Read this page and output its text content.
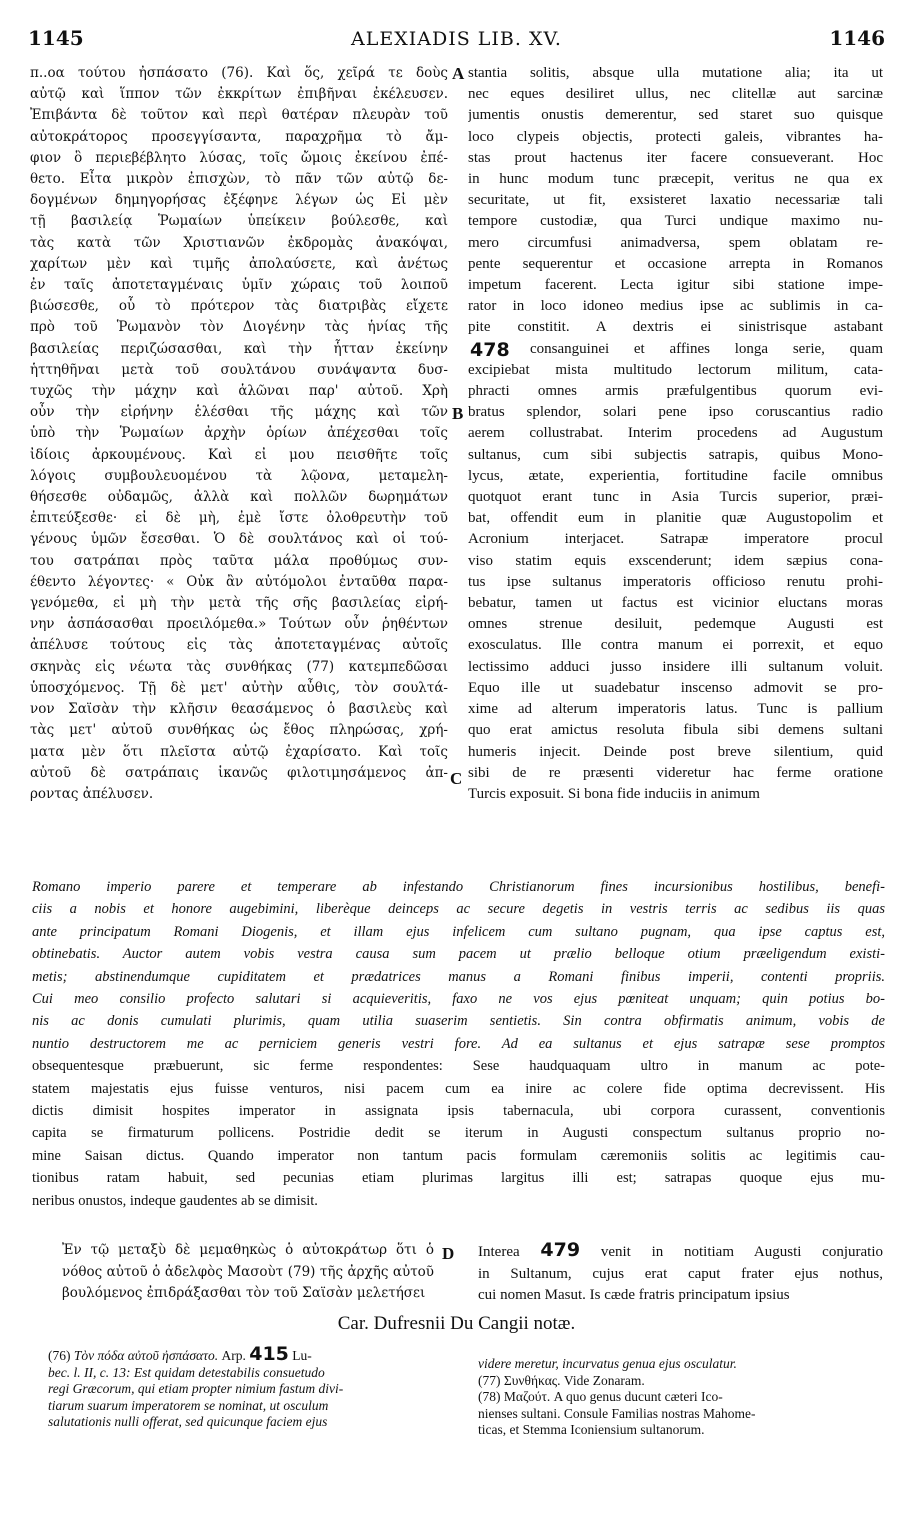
1145	ALEXIADIS LIB. XV.	1146
π..οα τούτου ἠσπάσατο (76). Καὶ ὅς, χεῖρά τε δοὺς
αὐτῷ καὶ ἵππον τῶν ἐκκρίτων ἐπιβῆναι ἐκέλευσεν.
Ἐπιβάντα δὲ τοῦτον καὶ περὶ θατέραν πλευρὰν τοῦ
αὐτοκράτορος προσεγγίσαντα, παραχρῆμα τὸ ἄμ-
φιον ὃ περιεβέβλητο λύσας, τοῖς ὤμοις ἐκείνου ἐπέ-
θετο. Εἶτα μικρὸν ἐπισχὼν, τὸ πᾶν τῶν αὐτῷ δε-
δογμένων δημηγορήσας ἐξέφηνε λέγων ὡς Εἰ μὲν
τῇ βασιλείᾳ Ῥωμαίων ὑπείκειν βούλεσθε, καὶ
τὰς κατὰ τῶν Χριστιανῶν ἐκδρομὰς ἀνακόψαι,
χαρίτων μὲν καὶ τιμῆς ἀπολαύσετε, καὶ ἀνέτως
ἐν ταῖς ἀποτεταγμέναις ὑμῖν χώραις τοῦ λοιποῦ
βιώσεσθε, οὗ τὸ πρότερον τὰς διατριβὰς εἴχετε
πρὸ τοῦ Ῥωμανὸν τὸν Διογένην τὰς ἡνίας τῆς
βασιλείας περιζώσασθαι, καὶ τὴν ἧτταν ἐκείνην
ἡττηθῆναι μετὰ τοῦ σουλτάνου συνάψαντα δυσ-
τυχῶς τὴν μάχην καὶ ἁλῶναι παρ' αὐτοῦ. Χρὴ
οὖν τὴν εἰρήνην ἑλέσθαι τῆς μάχης καὶ τῶν
ὑπὸ τὴν Ῥωμαίων ἀρχὴν ὁρίων ἀπέχεσθαι τοῖς
ἰδίοις ἀρκουμένους. Καὶ εἰ μου πεισθῆτε τοῖς
λόγοις συμβουλευομένου τὰ λῷονα, μεταμελη-
θήσεσθε οὐδαμῶς, ἀλλὰ καὶ πολλῶν δωρημάτων
ἐπιτεύξεσθε· εἰ δὲ μὴ, ἐμὲ ἴστε ὀλοθρευτὴν τοῦ
γένους ὑμῶν ἔσεσθαι. Ὁ δὲ σουλτάνος καὶ οἱ τού-
του σατράπαι πρὸς ταῦτα μάλα προθύμως συν-
έθεντο λέγοντες· « Οὐκ ἂν αὐτόμολοι ἐνταῦθα παρα-
γενόμεθα, εἰ μὴ τὴν μετὰ τῆς σῆς βασιλείας εἰρή-
νην ἀσπάσασθαι προειλόμεθα.» Τούτων οὖν ῥηθέντων
ἀπέλυσε τούτους εἰς τὰς ἀποτεταγμένας αὐτοῖς
σκηνὰς εἰς νέωτα τὰς συνθήκας (77) κατεμπεδῶσαι
ὑποσχόμενος. Τῇ δὲ μετ' αὐτὴν αὖθις, τὸν σουλτά-
νον Σαϊσὰν τὴν κλῆσιν θεασάμενος ὁ βασιλεὺς καὶ
τὰς μετ' αὐτοῦ συνθήκας ὡς ἔθος πληρώσας, χρή-
ματα μὲν ὅτι πλεῖστα αὐτῷ ἐχαρίσατο. Καὶ τοῖς
αὐτοῦ δὲ σατράπαις ἱκανῶς φιλοτιμησάμενος ἀπ-
ροντας ἀπέλυσεν.
stantia solitis, absque ulla mutatione alia; ita ut
nec eques desiliret ullus, nec clitellæ aut sarcinæ
jumentis onustis demerentur, sed staret suo quisque
loco clypeis objectis, protecti galeis, vibrantes ha-
stas prout hactenus iter facere consueverant. Hoc
in hunc modum tunc præcepit, veritus ne qua ex
securitate, ut fit, exsisteret laxatio necessariæ tali
tempore custodiæ, qua Turci undique maximo nu-
mero circumfusi animadversa, spem oblatam re-
pente sequerentur et occasione arrepta in Romanos
impetum facerent. Lecta igitur sibi statione impe-
rator in loco idoneo medius ipse ac sublimis in ca-
pite constitit. A dextris ei sinistrisque astabant
consanguinei et affines longa serie, quam
excipiebat mista multitudo lectorum militum, cata-
phracti omnes armis præfulgentibus quorum evi-
bratus splendor, solari pene ipso coruscantius radio
aerem collustrabat. Interim procedens ad Augustum
sultanus, cum sibi subjectis satrapis, quibus Mono-
lycus, ætate, experientia, fortitudine facile omnibus
quotquot erant tunc in Asia Turcis superior, præi-
bat, offendit eum in planitie quæ Augustopolim et
Acronium interjacet. Satrapæ imperatore procul
viso statim equis exscenderunt; idem sæpius cona-
tus ipse sultanus imperatoris officioso renutu prohi-
bebatur, tamen ut factus est vicinior eluctans moras
omnes strenue desiluit, pedemque Augusti est
exosculatus. Ille contra manum ei porrexit, et equo
lectissimo adduci jusso insidere illi sultanum voluit.
Equo ille ut suadebatur inscenso admovit se pro-
xime ad alterum imperatoris latus. Tunc is pallium
quo erat amictus resoluta fibula sibi demens sultani
humeris injecit. Deinde post breve silentium, quid
sibi de re præsenti videretur hac ferme oratione
Turcis exposuit. Si bona fide induciis in animum
478
A
B
C
D
Romano imperio parere et temperare ab infestando Christianorum fines incursionibus hostilibus, benefi-
ciis a nobis et honore augebimini, liberèque deinceps ac secure degetis in vestris terris ac sedibus iis quas
ante principatum Romani Diogenis, et illam ejus infelicem cum sultano pugnam, qua ipse captus est,
obtinebatis. Auctor autem vobis vestra causa sum pacem ut prælio belloque otium præeligendum existi-
metis; abstinendumque cupiditatem et prædatrices manus a Romani finibus imperii, contenti propriis.
Cui meo consilio profecto salutari si acquieveritis, faxo ne vos ejus pœniteat unquam; quin potius bo-
nis ac donis cumulati plurimis, quam utilia suaserim sentietis. Sin contra obfirmatis animum, vobis de
nuntio destructorem me ac perniciem generis vestri fore. Ad ea sultanus et ejus satrapæ sese promptos
obsequentesque præbuerunt, sic ferme respondentes: Sese haudquaquam ultro in manum ac pote-
statem majestatis ejus fuisse venturos, nisi pacem cum ea inire ac colere fide optima decrevissent. His
dictis dimisit hospites imperator in assignata ipsis tabernacula, ubi corpora curassent, conventionis
capita se firmaturum pollicens. Postridie dedit se iterum in Augusti conspectum sultanus proprio no-
mine Saisan dictus. Quando imperator non tantum pacis formulam cæremoniis solitis ac legitimis cau-
tionibus ratam habuit, sed pecunias etiam plurimas largitus illi est; satrapas quoque ejus mu-
neribus onustos, indeque gaudentes ab se dimisit.
Ἐν τῷ μεταξὺ δὲ μεμαθηκὼς ὁ αὐτοκράτωρ ὅτι ὁ
νόθος αὐτοῦ ὁ ἀδελφὸς Μασοὺτ (79) τῆς ἀρχῆς αὐτοῦ
βουλόμενος ἐπιδράξασθαι τὸν τοῦ Σαϊσὰν μελετήσει
Interea 479 venit in notitiam Augusti conjuratio
in Sultanum, cujus erat caput frater ejus nothus,
cui nomen Masut. Is cæde fratris principatum ipsius
Car. Dufresnii Du Cangii notæ.
(76) Τὸν πόδα αὐτοῦ ἠσπάσατο. Arp. 415 Lu-
bec. l. II, c. 13: Est quidam detestabilis consuetudo
regi Græcorum, qui etiam propter nimium fastum divi-
tiarum suarum imperatorem se nominat, ut osculum
salutationis nulli offerat, sed quicunque faciem ejus
videre meretur, incurvatus genua ejus osculatur.
(77) Συνθήκας. Vide Zonaram.
(78) Μαζούτ. A quo genus ducunt cæteri Ico-
nienses sultani. Consule Familias nostras Mahome-
ticas, et Stemma Iconiensium sultanorum.
